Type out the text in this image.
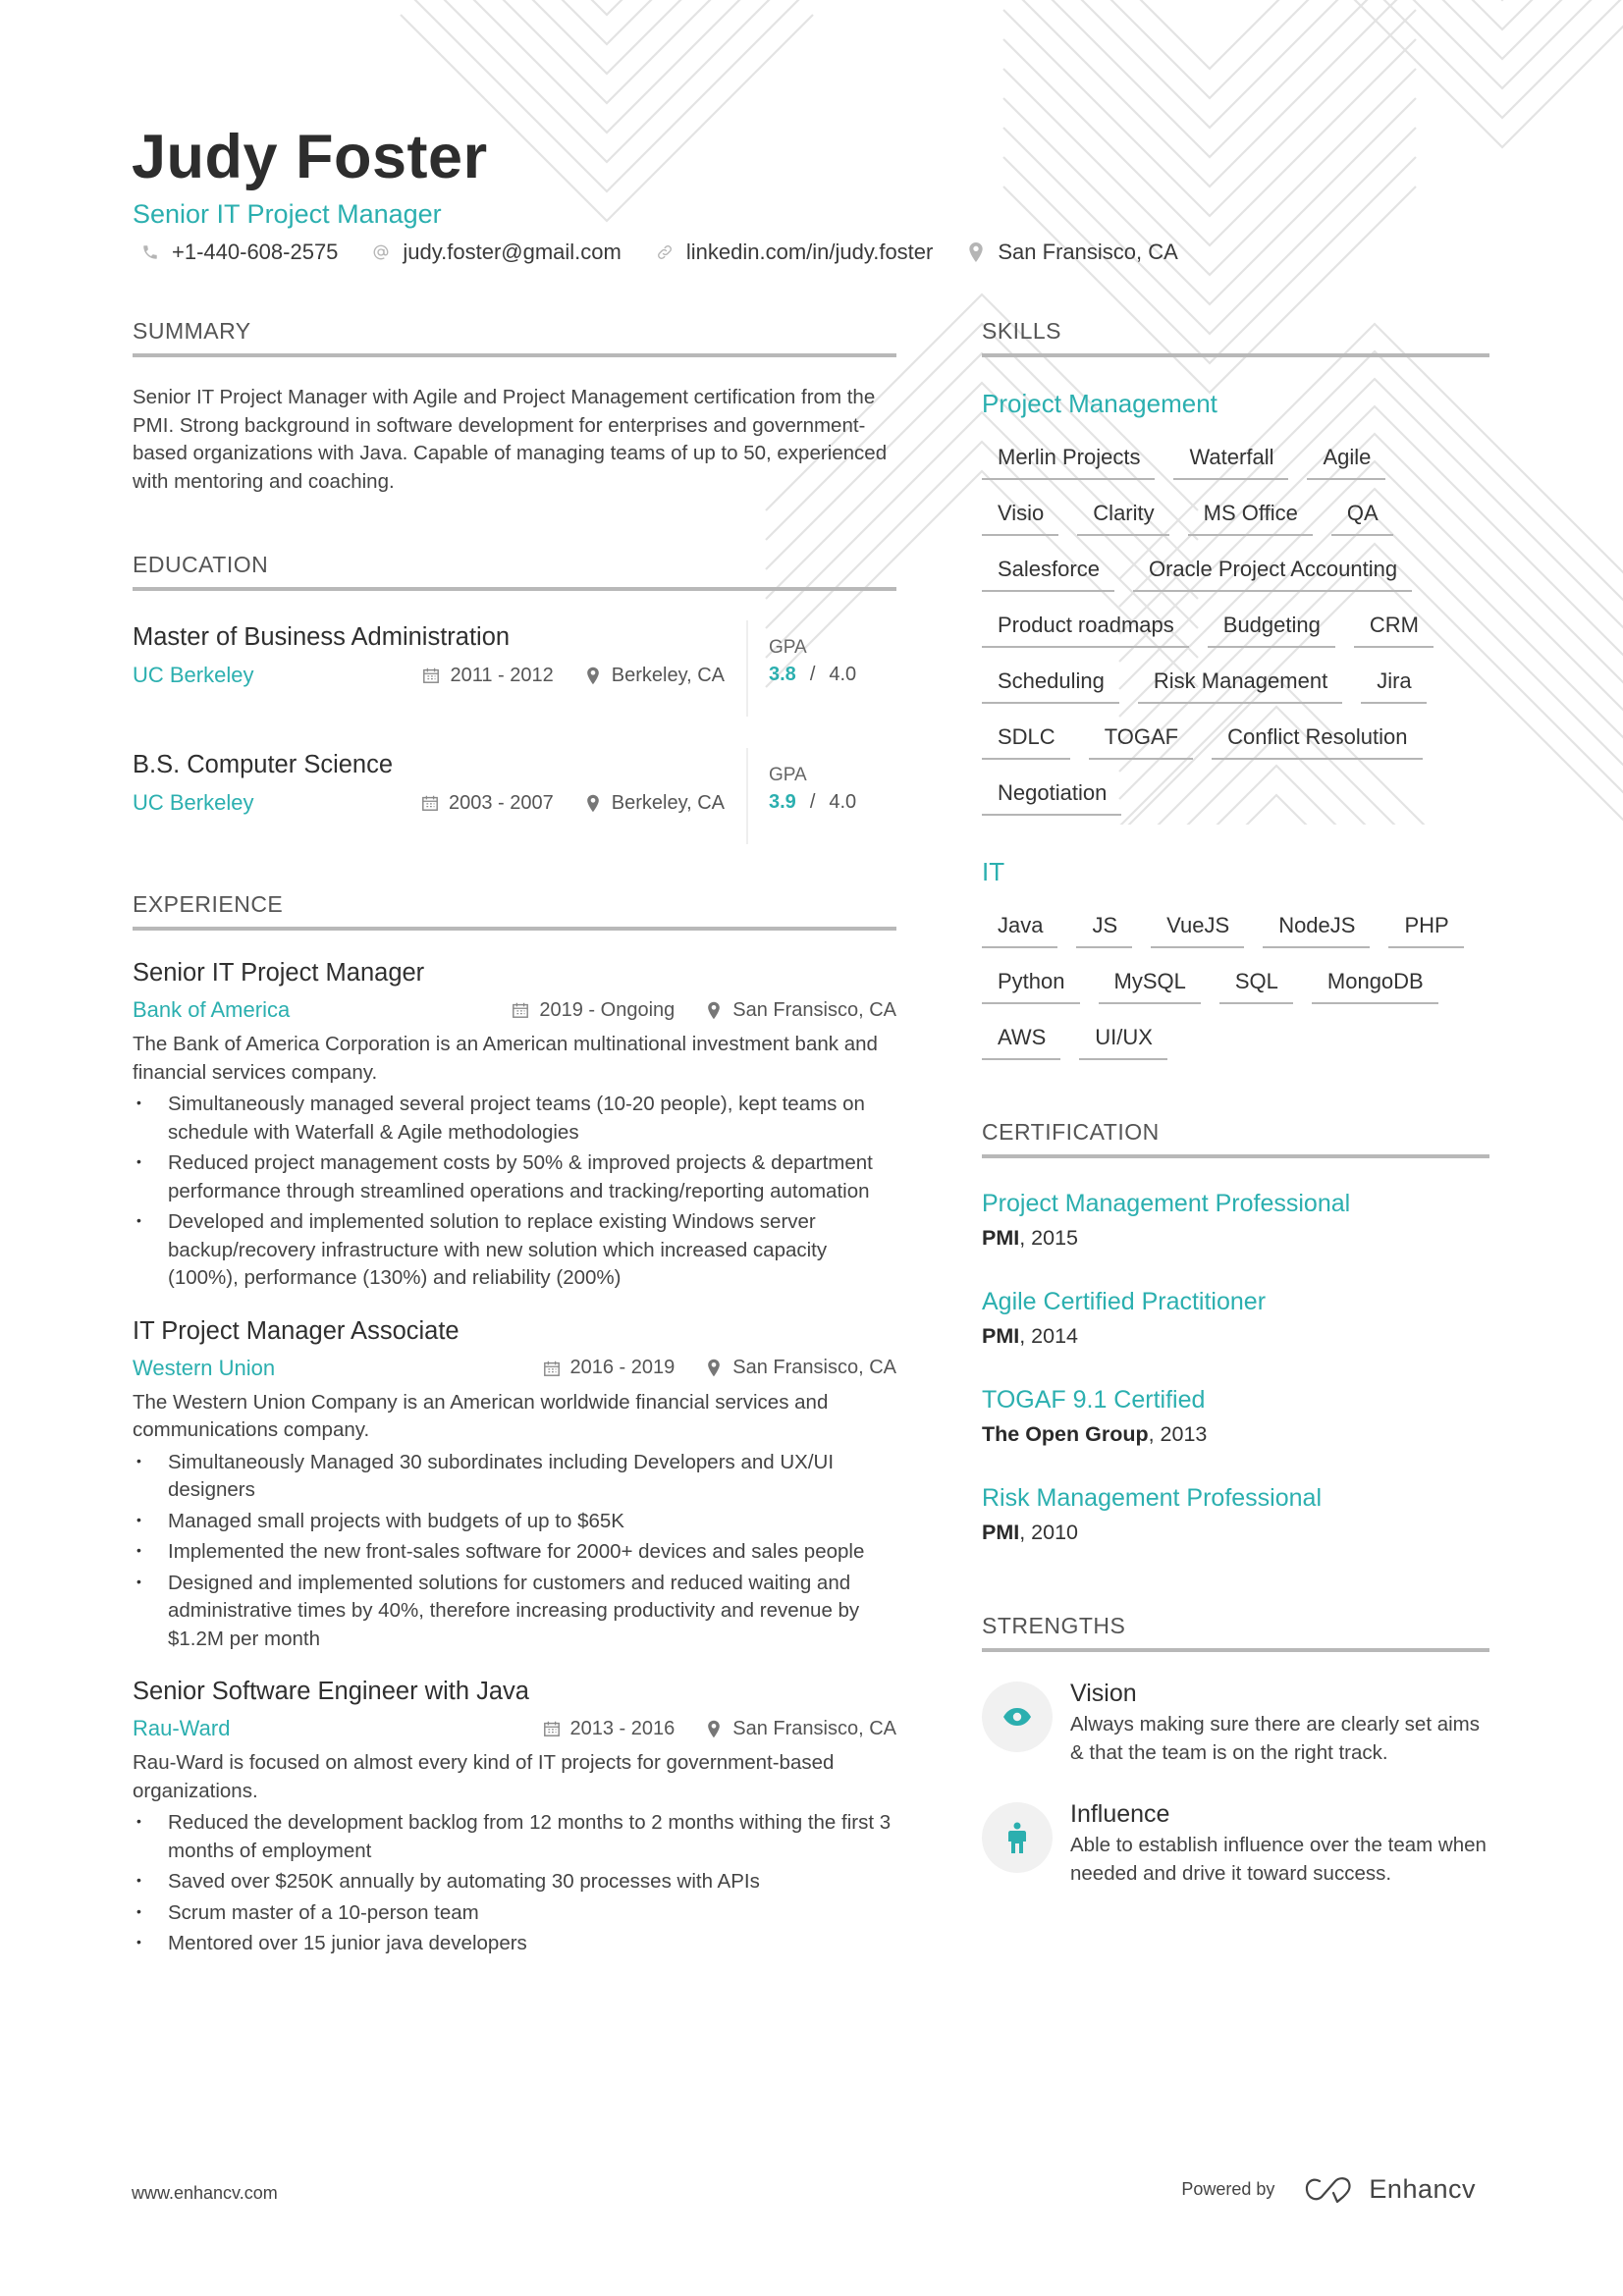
Judy Foster
Senior IT Project Manager
+1-440-608-2575	judy.foster@gmail.com	linkedin.com/in/judy.foster	San Fransisco, CA
SUMMARY
Senior IT Project Manager with Agile and Project Management certification from the PMI. Strong background in software development for enterprises and government-based organizations with Java. Capable of managing teams of up to 50, experienced with mentoring and coaching.
EDUCATION
Master of Business Administration
UC Berkeley	2011 - 2012	Berkeley, CA
GPA
3.8 / 4.0
B.S. Computer Science
UC Berkeley	2003 - 2007	Berkeley, CA
GPA
3.9 / 4.0
EXPERIENCE
Senior IT Project Manager
Bank of America	2019 - Ongoing	San Fransisco, CA
The Bank of America Corporation is an American multinational investment bank and financial services company.
• Simultaneously managed several project teams (10-20 people), kept teams on schedule with Waterfall & Agile methodologies
• Reduced project management costs by 50% & improved projects & department performance through streamlined operations and tracking/reporting automation
• Developed and implemented solution to replace existing Windows server backup/recovery infrastructure with new solution which increased capacity (100%), performance (130%) and reliability (200%)
IT Project Manager Associate
Western Union	2016 - 2019	San Fransisco, CA
The Western Union Company is an American worldwide financial services and communications company.
• Simultaneously Managed 30 subordinates including Developers and UX/UI designers
• Managed small projects with budgets of up to $65K
• Implemented the new front-sales software for 2000+ devices and sales people
• Designed and implemented solutions for customers and reduced waiting and administrative times by 40%, therefore increasing productivity and revenue by $1.2M per month
Senior Software Engineer with Java
Rau-Ward	2013 - 2016	San Fransisco, CA
Rau-Ward is focused on almost every kind of IT projects for government-based organizations.
• Reduced the development backlog from 12 months to 2 months withing the first 3 months of employment
• Saved over $250K annually by automating 30 processes with APIs
• Scrum master of a 10-person team
• Mentored over 15 junior java developers
SKILLS
Project Management
Merlin Projects	Waterfall	Agile
Visio	Clarity	MS Office	QA
Salesforce	Oracle Project Accounting
Product roadmaps	Budgeting	CRM
Scheduling	Risk Management	Jira
SDLC	TOGAF	Conflict Resolution
Negotiation
IT
Java	JS	VueJS	NodeJS	PHP
Python	MySQL	SQL	MongoDB
AWS	UI/UX
CERTIFICATION
Project Management Professional
PMI, 2015
Agile Certified Practitioner
PMI, 2014
TOGAF 9.1 Certified
The Open Group, 2013
Risk Management Professional
PMI, 2010
STRENGTHS
Vision
Always making sure there are clearly set aims & that the team is on the right track.
Influence
Able to establish influence over the team when needed and drive it toward success.
www.enhancv.com	Powered by	Enhancv
